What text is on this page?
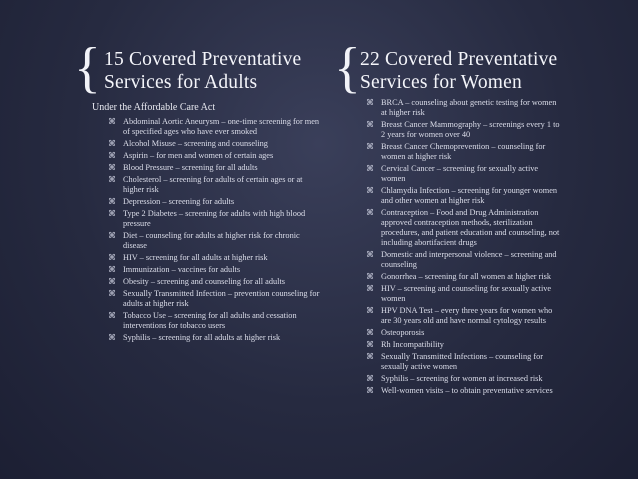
{ 15 Covered Preventative
Services for Adults
Under the Affordable Care Act
⌘ Abdominal Aortic Aneurysm – one-time screening for men of specified ages who have ever smoked
⌘ Alcohol Misuse – screening and counseling
⌘ Aspirin – for men and women of certain ages
⌘ Blood Pressure – screening for all adults
⌘ Cholesterol – screening for adults of certain ages or at higher risk
⌘ Depression – screening for adults
⌘ Type 2 Diabetes – screening for adults with high blood pressure
⌘ Diet – counseling for adults at higher risk for chronic disease
⌘ HIV – screening for all adults at higher risk
⌘ Immunization – vaccines for adults
⌘ Obesity – screening and counseling for all adults
⌘ Sexually Transmitted Infection – prevention counseling for adults at higher risk
⌘ Tobacco Use – screening for all adults and cessation interventions for tobacco users
⌘ Syphilis – screening for all adults at higher risk
{ 22 Covered Preventative
Services for Women
⌘ BRCA – counseling about genetic testing for women at higher risk
⌘ Breast Cancer Mammography – screenings every 1 to 2 years for women over 40
⌘ Breast Cancer Chemoprevention – counseling for women at higher risk
⌘ Cervical Cancer – screening for sexually active women
⌘ Chlamydia Infection – screening for younger women and other women at higher risk
⌘ Contraception – Food and Drug Administration approved contraception methods, sterilization procedures, and patient education and counseling, not including abortifacient drugs
⌘ Domestic and interpersonal violence – screening and counseling
⌘ Gonorrhea – screening for all women at higher risk
⌘ HIV – screening and counseling for sexually active women
⌘ HPV DNA Test – every three years for women who are 30 years old and have normal cytology results
⌘ Osteoporosis
⌘ Rh Incompatibility
⌘ Sexually Transmitted Infections – counseling for sexually active women
⌘ Syphilis – screening for women at increased risk
⌘ Well-women visits – to obtain preventative services
